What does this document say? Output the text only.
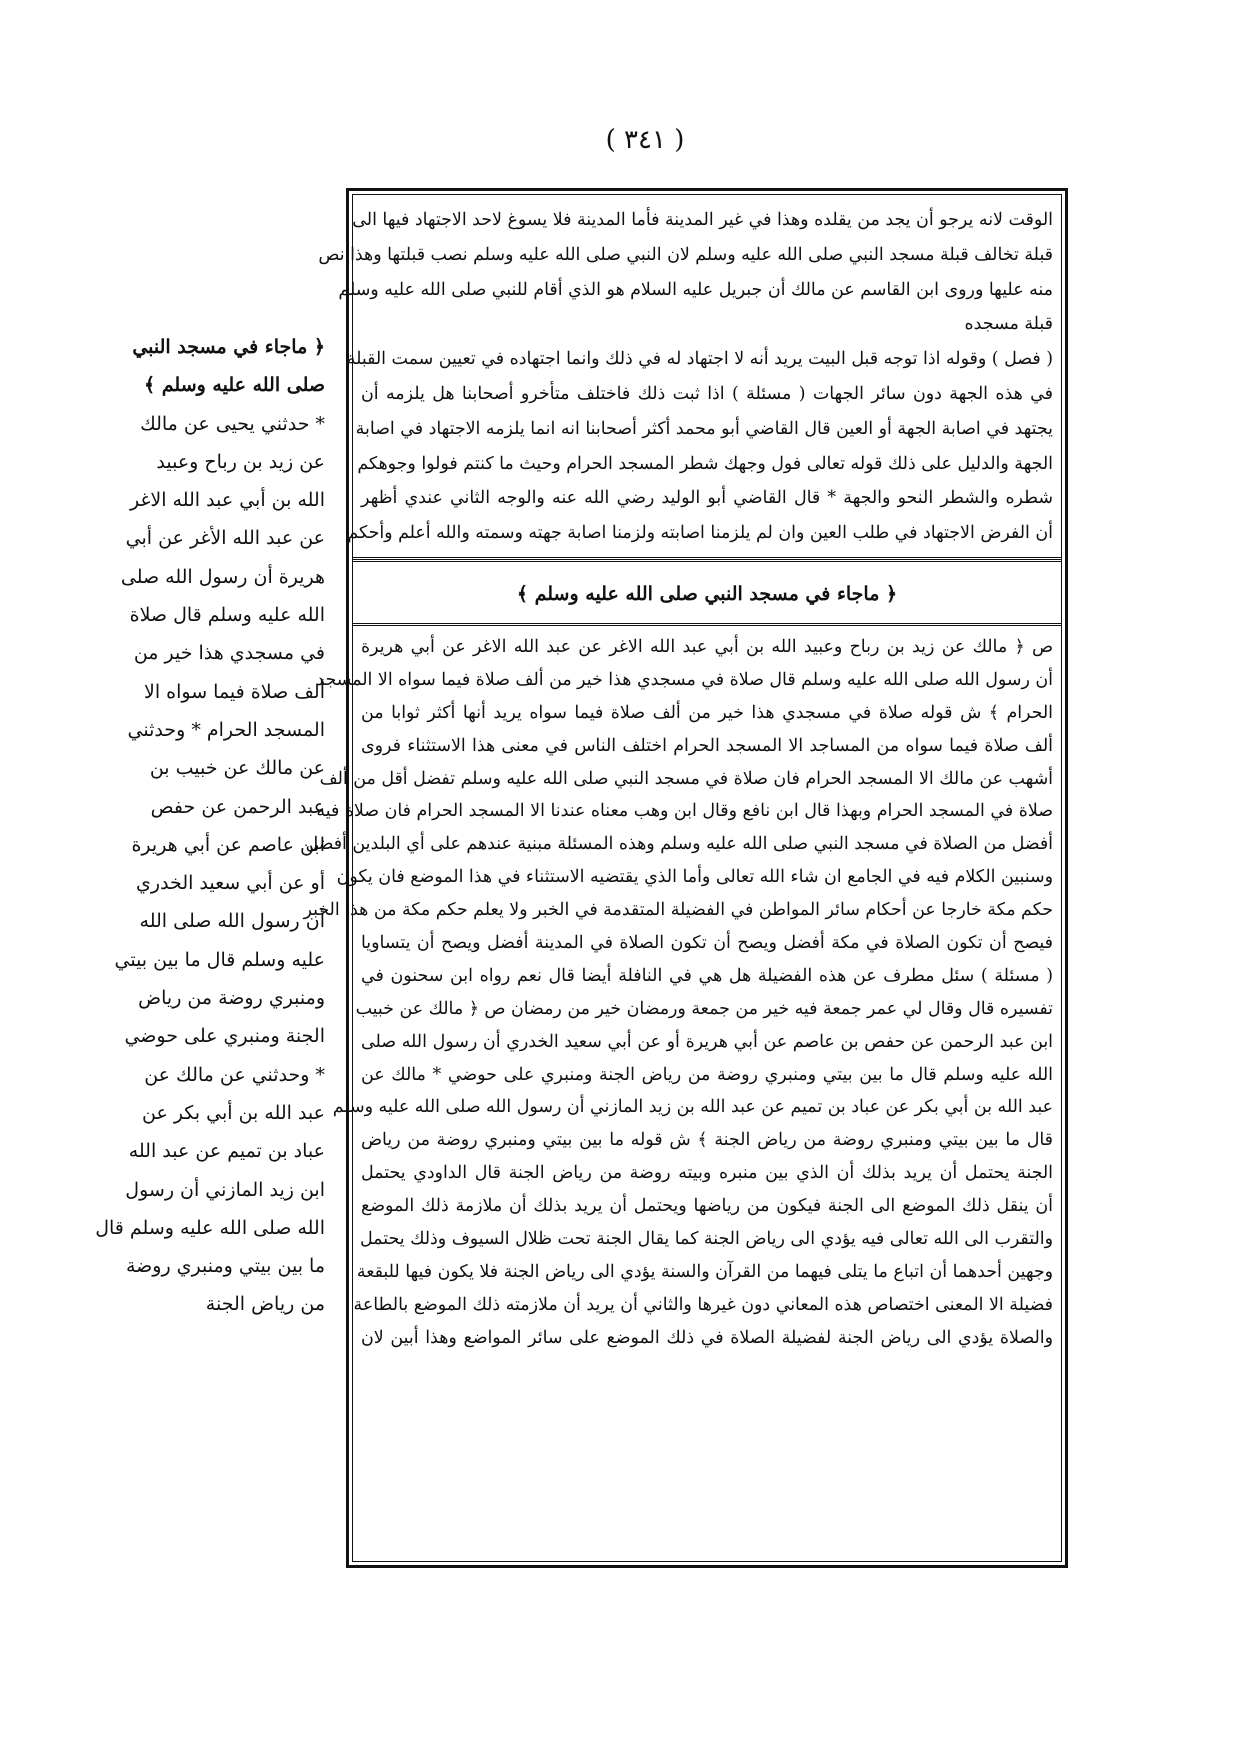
( ٣٤١ )
﴿ ماجاء في مسجد النبي
صلى الله عليه وسلم ﴾
* حدثني يحيى عن مالك
عن زيد بن رباح وعبيد
الله بن أبي عبد الله الاغر
عن عبد الله الأغر عن أبي
هريرة أن رسول الله صلى
الله عليه وسلم قال صلاة
في مسجدي هذا خير من
ألف صلاة فيما سواه الا
المسجد الحرام * وحدثني
عن مالك عن خبيب بن
عبد الرحمن عن حفص
ابن عاصم عن أبي هريرة
أو عن أبي سعيد الخدري
أن رسول الله صلى الله
عليه وسلم قال ما بين بيتي
ومنبري روضة من رياض
الجنة ومنبري على حوضي
* وحدثني عن مالك عن
عبد الله بن أبي بكر عن
عباد بن تميم عن عبد الله
ابن زيد المازني أن رسول
الله صلى الله عليه وسلم قال
ما بين بيتي ومنبري روضة
من رياض الجنة
الوقت لانه يرجو أن يجد من يقلده وهذا في غير المدينة فأما المدينة فلا يسوغ لاحد الاجتهاد فيها الى
قبلة تخالف قبلة مسجد النبي صلى الله عليه وسلم لان النبي صلى الله عليه وسلم نصب قبلتها وهذا نص
منه عليها وروى ابن القاسم عن مالك أن جبريل عليه السلام هو الذي أقام للنبي صلى الله عليه وسلم
قبلة مسجده
( فصل ) وقوله اذا توجه قبل البيت يريد أنه لا اجتهاد له في ذلك وانما اجتهاده في تعيين سمت القبلة
في هذه الجهة دون سائر الجهات ( مسئلة ) اذا ثبت ذلك فاختلف متأخرو أصحابنا هل يلزمه أن
يجتهد في اصابة الجهة أو العين قال القاضي أبو محمد أكثر أصحابنا انه انما يلزمه الاجتهاد في اصابة
الجهة والدليل على ذلك قوله تعالى فول وجهك شطر المسجد الحرام وحيث ما كنتم فولوا وجوهكم
شطره والشطر النحو والجهة * قال القاضي أبو الوليد رضي الله عنه والوجه الثاني عندي أظهر
أن الفرض الاجتهاد في طلب العين وان لم يلزمنا اصابته ولزمنا اصابة جهته وسمته والله أعلم وأحكم
﴿ ماجاء في مسجد النبي صلى الله عليه وسلم ﴾
ص ﴿ مالك عن زيد بن رباح وعبيد الله بن أبي عبد الله الاغر عن عبد الله الاغر عن أبي هريرة
أن رسول الله صلى الله عليه وسلم قال صلاة في مسجدي هذا خير من ألف صلاة فيما سواه الا المسجد
الحرام ﴾ ش قوله صلاة في مسجدي هذا خير من ألف صلاة فيما سواه يريد أنها أكثر ثوابا من
ألف صلاة فيما سواه من المساجد الا المسجد الحرام اختلف الناس في معنى هذا الاستثناء فروى
أشهب عن مالك الا المسجد الحرام فان صلاة في مسجد النبي صلى الله عليه وسلم تفضل أقل من ألف
صلاة في المسجد الحرام وبهذا قال ابن نافع وقال ابن وهب معناه عندنا الا المسجد الحرام فان صلاة فيه
أفضل من الصلاة في مسجد النبي صلى الله عليه وسلم وهذه المسئلة مبنية عندهم على أي البلدين أفضل
وسنبين الكلام فيه في الجامع ان شاء الله تعالى وأما الذي يقتضيه الاستثناء في هذا الموضع فان يكون
حكم مكة خارجا عن أحكام سائر المواطن في الفضيلة المتقدمة في الخبر ولا يعلم حكم مكة من هذا الخبر
فيصح أن تكون الصلاة في مكة أفضل ويصح أن تكون الصلاة في المدينة أفضل ويصح أن يتساويا
( مسئلة ) سئل مطرف عن هذه الفضيلة هل هي في النافلة أيضا قال نعم رواه ابن سحنون في
تفسيره قال وقال لي عمر جمعة فيه خير من جمعة ورمضان خير من رمضان ص ﴿ مالك عن خبيب
ابن عبد الرحمن عن حفص بن عاصم عن أبي هريرة أو عن أبي سعيد الخدري أن رسول الله صلى
الله عليه وسلم قال ما بين بيتي ومنبري روضة من رياض الجنة ومنبري على حوضي * مالك عن
عبد الله بن أبي بكر عن عباد بن تميم عن عبد الله بن زيد المازني أن رسول الله صلى الله عليه وسلم
قال ما بين بيتي ومنبري روضة من رياض الجنة ﴾ ش قوله ما بين بيتي ومنبري روضة من رياض
الجنة يحتمل أن يريد بذلك أن الذي بين منبره وبيته روضة من رياض الجنة قال الداودي يحتمل
أن ينقل ذلك الموضع الى الجنة فيكون من رياضها ويحتمل أن يريد بذلك أن ملازمة ذلك الموضع
والتقرب الى الله تعالى فيه يؤدي الى رياض الجنة كما يقال الجنة تحت ظلال السيوف وذلك يحتمل
وجهين أحدهما أن اتباع ما يتلى فيهما من القرآن والسنة يؤدي الى رياض الجنة فلا يكون فيها للبقعة
فضيلة الا المعنى اختصاص هذه المعاني دون غيرها والثاني أن يريد أن ملازمته ذلك الموضع بالطاعة
والصلاة يؤدي الى رياض الجنة لفضيلة الصلاة في ذلك الموضع على سائر المواضع وهذا أبين لان
